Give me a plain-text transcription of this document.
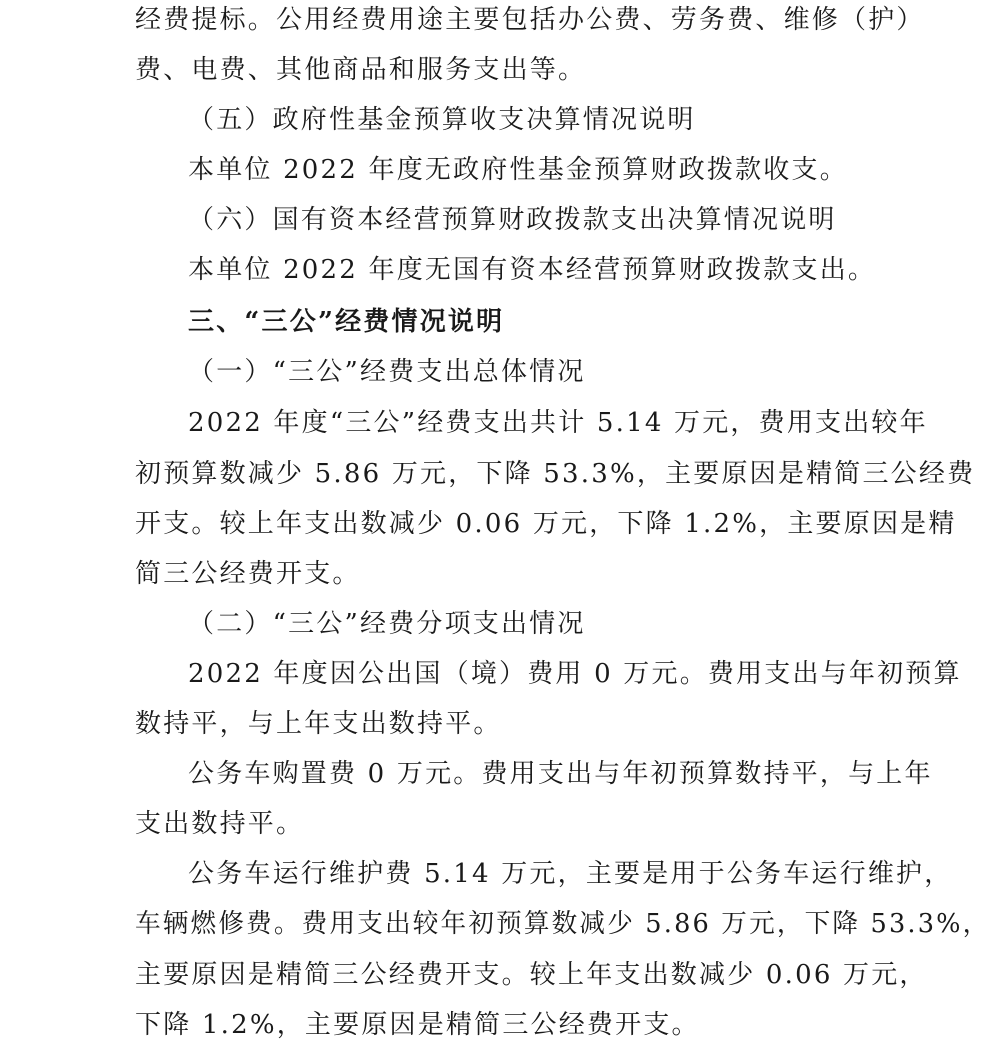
经费提标。公用经费用途主要包括办公费、劳务费、维修（护）
费、电费、其他商品和服务支出等。
（五）政府性基金预算收支决算情况说明
本单位 2022 年度无政府性基金预算财政拨款收支。
（六）国有资本经营预算财政拨款支出决算情况说明
本单位 2022 年度无国有资本经营预算财政拨款支出。
三、“三公”经费情况说明
（一）“三公”经费支出总体情况
2022 年度“三公”经费支出共计 5.14 万元，费用支出较年
初预算数减少 5.86 万元，下降 53.3%，主要原因是精简三公经费
开支。较上年支出数减少 0.06 万元，下降 1.2%，主要原因是精
简三公经费开支。
（二）“三公”经费分项支出情况
2022 年度因公出国（境）费用 0 万元。费用支出与年初预算
数持平，与上年支出数持平。
公务车购置费 0 万元。费用支出与年初预算数持平，与上年
支出数持平。
公务车运行维护费 5.14 万元，主要是用于公务车运行维护，
车辆燃修费。费用支出较年初预算数减少 5.86 万元，下降 53.3%，
主要原因是精简三公经费开支。较上年支出数减少 0.06 万元，
下降 1.2%，主要原因是精简三公经费开支。
